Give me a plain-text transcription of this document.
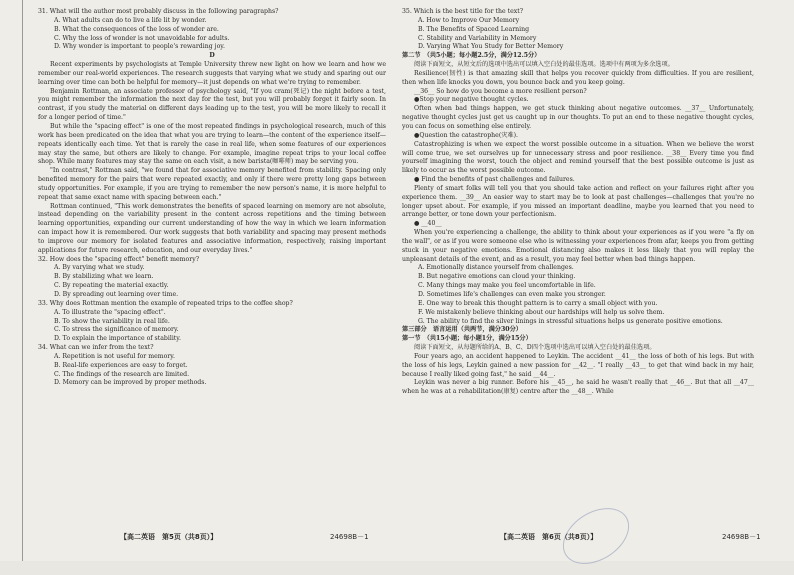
31. What will the author most probably discuss in the following paragraphs?

A. What adults can do to live a life lit by wonder.

B. What the consequences of the loss of wonder are.

C. Why the loss of wonder is not unavoidable for adults.

D. Why wonder is important to people's rewarding joy.

D

Recent experiments by psychologists at Temple University threw new light on how we learn and how we remember our real-world experiences. The research suggests that varying what we study and sparing out our learning over time can both be helpful for memory—it just depends on what we're trying to remember.

Benjamin Rottman, an associate professor of psychology said, "If you cram(死记) the night before a test, you might remember the information the next day for the test, but you will probably forget it fairly soon. In contrast, if you study the material on different days leading up to the test, you will be more likely to recall it for a longer period of time."

But while the "spacing effect" is one of the most repeated findings in psychological research, much of this work has been predicated on the idea that what you are trying to learn—the content of the experience itself—repeats identically each time. Yet that is rarely the case in real life, when some features of our experiences may stay the same, but others are likely to change. For example, imagine repeat trips to your local coffee shop. While many features may stay the same on each visit, a new barista(咖啡师) may be serving you.

"In contrast," Rottman said, "we found that for associative memory benefited from stability. Spacing only benefited memory for the pairs that were repeated exactly, and only if there were pretty long gaps between study opportunities. For example, if you are trying to remember the new person's name, it is more helpful to repeat that same exact name with spacing between each."

Rottman continued, "This work demonstrates the benefits of spaced learning on memory are not absolute, instead depending on the variability present in the content across repetitions and the timing between learning opportunities, expanding our current understanding of how the way in which we learn information can impact how it is remembered. Our work suggests that both variability and spacing may present methods to improve our memory for isolated features and associative information, respectively, raising important applications for future research, education, and our everyday lives."

32. How does the "spacing effect" benefit memory?

A. By varying what we study.

B. By stabilizing what we learn.

C. By repeating the material exactly.

D. By spreading out learning over time.

33. Why does Rottman mention the example of repeated trips to the coffee shop?

A. To illustrate the "spacing effect".

B. To show the variability in real life.

C. To stress the significance of memory.

D. To explain the importance of stability.

34. What can we infer from the text?

A. Repetition is not useful for memory.

B. Real-life experiences are easy to forget.

C. The findings of the research are limited.

D. Memory can be improved by proper methods.

35. Which is the best title for the text?

A. How to Improve Our Memory

B. The Benefits of Spaced Learning

C. Stability and Variability in Memory

D. Varying What You Study for Better Memory

第二节　（共5小题；每小题2.5分，满分12.5分）

阅读下面短文，从短文后的选项中选出可以填入空白处的最佳选项。选项中有两项为多余选项。

Resilience(韧性) is that amazing skill that helps you recover quickly from difficulties. If you are resilient, then when life knocks you down, you bounce back and you keep going.

__36__ So how do you become a more resilient person?

●Stop your negative thought cycles.

Often when bad things happen, we get stuck thinking about negative outcomes. __37__ Unfortunately, negative thought cycles just get us caught up in our thoughts. To put an end to these negative thought cycles, you can focus on something else entirely.

●Question the catastrophe(灾难).

Catastrophizing is when we expect the worst possible outcome in a situation. When we believe the worst will come true, we set ourselves up for unnecessary stress and poor resilience. __38__ Every time you find yourself imagining the worst, touch the object and remind yourself that the best possible outcome is just as likely to occur as the worst possible outcome.

● Find the benefits of past challenges and failures.

Plenty of smart folks will tell you that you should take action and reflect on your failures right after you experience them. __39__ An easier way to start may be to look at past challenges—challenges that you're no longer upset about. For example, if you missed an important deadline, maybe you learned that you need to arrange better, or tone down your perfectionism.

● __40__

When you're experiencing a challenge, the ability to think about your experiences as if you were "a fly on the wall", or as if you were someone else who is witnessing your experiences from afar, keeps you from getting stuck in your negative emotions. Emotional distancing also makes it less likely that you will replay the unpleasant details of the event, and as a result, you may feel better when bad things happen.

A. Emotionally distance yourself from challenges.

B. But negative emotions can cloud your thinking.

C. Many things may make you feel uncomfortable in life.

D. Sometimes life's challenges can even make you stronger.

E. One way to break this thought pattern is to carry a small object with you.

F. We mistakenly believe thinking about our hardships will help us solve them.

G. The ability to find the silver linings in stressful situations helps us generate positive emotions.

第三部分　语言运用（共两节，满分30分）

第一节　（共15小题；每小题1分，满分15分）

阅读下面短文，从每题所给的A、B、C、D四个选项中选出可以填入空白处的最佳选项。

Four years ago, an accident happened to Leykin. The accident __41__ the loss of both of his legs. But with the loss of his legs, Leykin gained a new passion for __42__. "I really __43__ to get that wind back in my hair, because I really liked going fast," he said __44__.

Leykin was never a big runner. Before his __45__, he said he wasn't really that __46__. But that all __47__ when he was at a rehabilitation(康复) centre after the __48__. While

【高二英语　第5页（共8页）】	24698B－1	【高二英语　第6页（共8页）】	24698B－1
